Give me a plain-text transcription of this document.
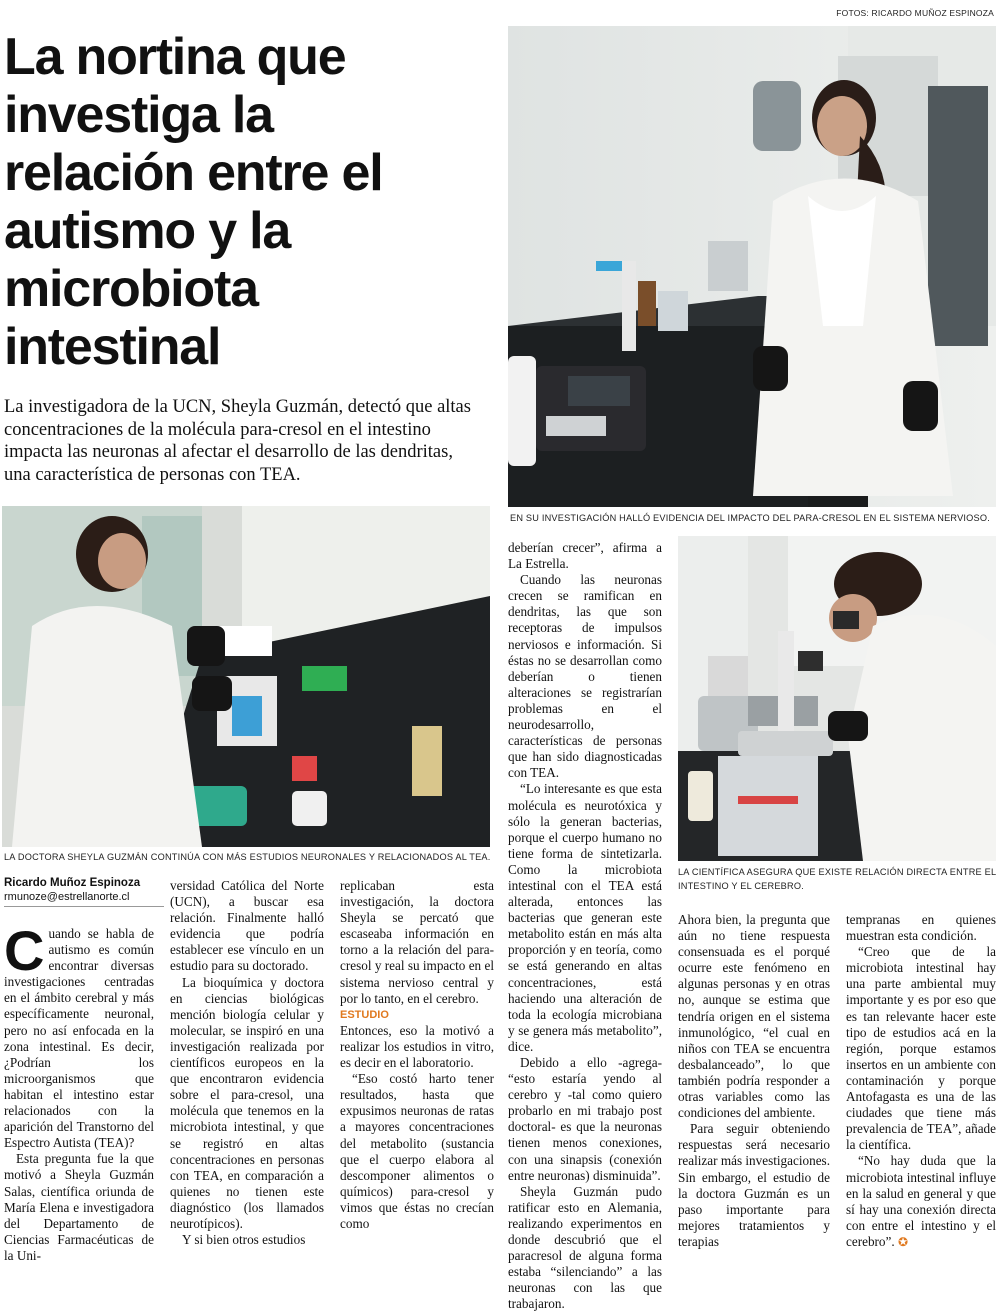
FOTOS: RICARDO MUÑOZ ESPINOZA
La nortina que
investiga la
relación entre el
autismo y la
microbiota
intestinal

La investigadora de la UCN, Sheyla Guzmán, detectó que altas
concentraciones de la molécula para-cresol en el intestino
impacta las neuronas al afectar el desarrollo de las dendritas,
una característica de personas con TEA.

EN SU INVESTIGACIÓN HALLÓ EVIDENCIA DEL IMPACTO DEL PARA-CRESOL EN EL SISTEMA NERVIOSO.
LA DOCTORA SHEYLA GUZMÁN CONTINÚA CON MÁS ESTUDIOS NEURONALES Y RELACIONADOS AL TEA.
LA CIENTÍFICA ASEGURA QUE EXISTE RELACIÓN DIRECTA ENTRE EL
INTESTINO Y EL CEREBRO.
Ricardo Muñoz Espinoza
rmunoze@estrellanorte.cl

Cuando se habla de autismo es común encontrar diversas investigaciones centradas en el ámbito cerebral y más específicamente neuronal, pero no así enfocada en la zona intestinal. Es decir, ¿Podrían los microorganismos que habitan el intestino estar relacionados con la aparición del Transtorno del Espectro Autista (TEA)?

Esta pregunta fue la que motivó a Sheyla Guzmán Salas, científica oriunda de María Elena e investigadora del Departamento de Ciencias Farmacéuticas de la Uni-

versidad Católica del Norte (UCN), a buscar esa relación. Finalmente halló evidencia que podría establecer ese vínculo en un estudio para su doctorado.

La bioquímica y doctora en ciencias biológicas mención biología celular y molecular, se inspiró en una investigación realizada por científicos europeos en la que encontraron evidencia sobre el para-cresol, una molécula que tenemos en la microbiota intestinal, y que se registró en altas concentraciones en personas con TEA, en comparación a quienes no tienen este diagnóstico (los llamados neurotípicos).

Y si bien otros estudios

replicaban esta investigación, la doctora Sheyla se percató que escaseaba información en torno a la relación del para-cresol y real su impacto en el sistema nervioso central y por lo tanto, en el cerebro.

ESTUDIO

Entonces, eso la motivó a realizar los estudios in vitro, es decir en el laboratorio.

“Eso costó harto tener resultados, hasta que expusimos neuronas de ratas a mayores concentraciones del metabolito (sustancia que el cuerpo elabora al descomponer alimentos o químicos) para-cresol y vimos que éstas no crecían como

deberían crecer”, afirma a La Estrella.

Cuando las neuronas crecen se ramifican en dendritas, las que son receptoras de impulsos nerviosos e información. Si éstas no se desarrollan como deberían o tienen alteraciones se registrarían problemas en el neurodesarrollo, características de personas que han sido diagnosticadas con TEA.

“Lo interesante es que esta molécula es neurotóxica y sólo la generan bacterias, porque el cuerpo humano no tiene forma de sintetizarla. Como la microbiota intestinal con el TEA está alterada, entonces las bacterias que generan este metabolito están en más alta proporción y en teoría, como se está generando en altas concentraciones, está haciendo una alteración de toda la ecología microbiana y se genera más metabolito”, dice.

Debido a ello -agrega- “esto estaría yendo al cerebro y -tal como quiero probarlo en mi trabajo post doctoral- es que la neuronas tienen menos conexiones, con una sinapsis (conexión entre neuronas) disminuida”.

Sheyla Guzmán pudo ratificar esto en Alemania, realizando experimentos en donde descubrió que el paracresol de alguna forma estaba “silenciando” a las neuronas con las que trabajaron.

Ahora bien, la pregunta que aún no tiene respuesta consensuada es el porqué ocurre este fenómeno en algunas personas y en otras no, aunque se estima que tendría origen en el sistema inmunológico, “el cual en niños con TEA se encuentra desbalanceado”, lo que también podría responder a otras variables como las condiciones del ambiente.

Para seguir obteniendo respuestas será necesario realizar más investigaciones. Sin embargo, el estudio de la doctora Guzmán es un paso importante para mejores tratamientos y terapias

tempranas en quienes muestran esta condición.

“Creo que de la microbiota intestinal hay una parte ambiental muy importante y es por eso que es tan relevante hacer este tipo de estudios acá en la región, porque estamos insertos en un ambiente con contaminación y porque Antofagasta es una de las ciudades que tiene más prevalencia de TEA”, añade la científica.

“No hay duda que la microbiota intestinal influye en la salud en general y que sí hay una conexión directa con entre el intestino y el cerebro”. ✪
